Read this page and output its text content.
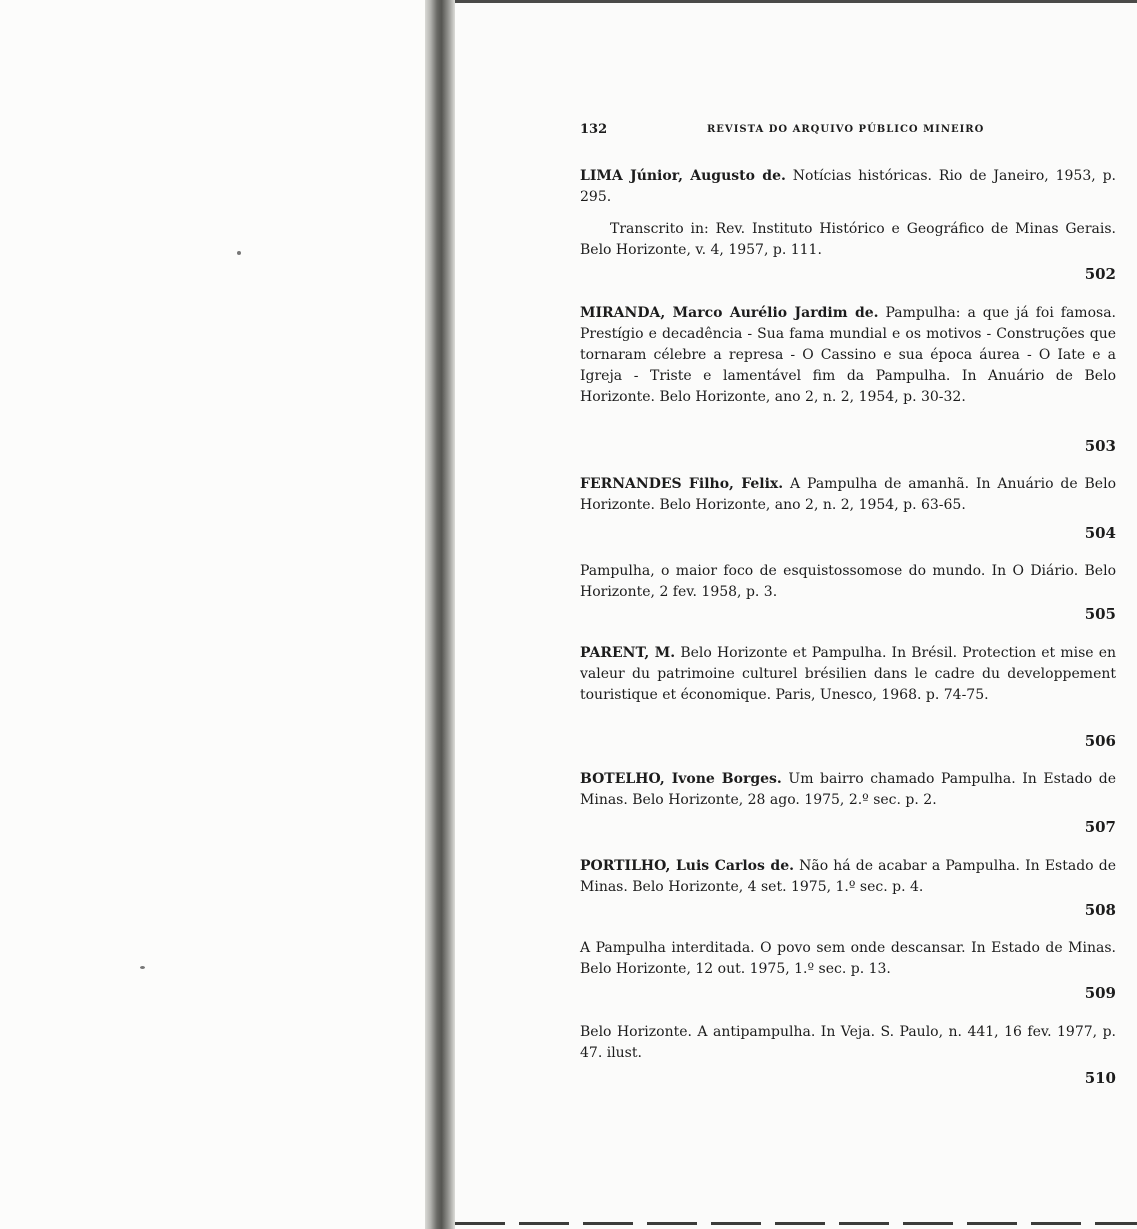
132	REVISTA DO ARQUIVO PÚBLICO MINEIRO

LIMA Júnior, Augusto de. Notícias históricas. Rio de Janeiro, 1953, p. 295.

Transcrito in: Rev. Instituto Histórico e Geográfico de Minas Gerais. Belo Horizonte, v. 4, 1957, p. 111.

502

MIRANDA, Marco Aurélio Jardim de. Pampulha: a que já foi famosa. Prestígio e decadência - Sua fama mundial e os motivos - Construções que tornaram célebre a represa - O Cassino e sua época áurea - O Iate e a Igreja - Triste e lamentável fim da Pampulha. In Anuário de Belo Horizonte. Belo Horizonte, ano 2, n. 2, 1954, p. 30-32.

503

FERNANDES Filho, Felix. A Pampulha de amanhã. In Anuário de Belo Horizonte. Belo Horizonte, ano 2, n. 2, 1954, p. 63-65.

504

Pampulha, o maior foco de esquistossomose do mundo. In O Diário. Belo Horizonte, 2 fev. 1958, p. 3.

505

PARENT, M. Belo Horizonte et Pampulha. In Brésil. Protection et mise en valeur du patrimoine culturel brésilien dans le cadre du developpement touristique et économique. Paris, Unesco, 1968. p. 74-75.

506

BOTELHO, Ivone Borges. Um bairro chamado Pampulha. In Estado de Minas. Belo Horizonte, 28 ago. 1975, 2.º sec. p. 2.

507

PORTILHO, Luis Carlos de. Não há de acabar a Pampulha. In Estado de Minas. Belo Horizonte, 4 set. 1975, 1.º sec. p. 4.

508

A Pampulha interditada. O povo sem onde descansar. In Estado de Minas. Belo Horizonte, 12 out. 1975, 1.º sec. p. 13.

509

Belo Horizonte. A antipampulha. In Veja. S. Paulo, n. 441, 16 fev. 1977, p. 47. ilust.

510
